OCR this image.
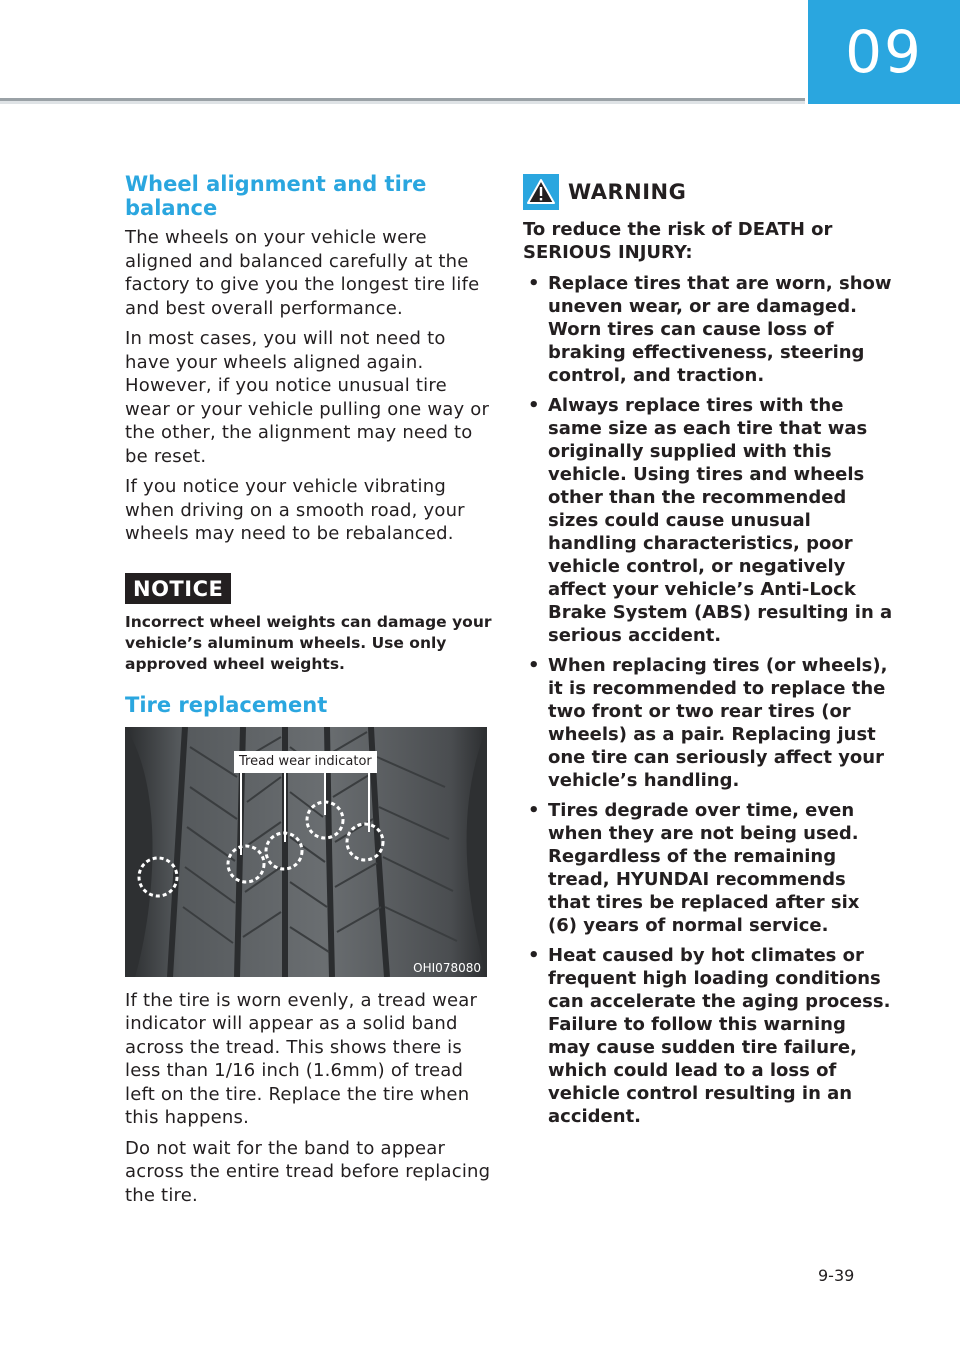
09
Wheel alignment and tire balance

The wheels on your vehicle were aligned and balanced carefully at the factory to give you the longest tire life and best overall performance.

In most cases, you will not need to have your wheels aligned again. However, if you notice unusual tire wear or your vehicle pulling one way or the other, the alignment may need to be reset.

If you notice your vehicle vibrating when driving on a smooth road, your wheels may need to be rebalanced.

NOTICE

Incorrect wheel weights can damage your vehicle’s aluminum wheels. Use only approved wheel weights.

Tire replacement
Tread wear indicator
OHI078080

If the tire is worn evenly, a tread wear indicator will appear as a solid band across the tread. This shows there is less than 1/16 inch (1.6mm) of tread left on the tire. Replace the tire when this happens.

Do not wait for the band to appear across the entire tread before replacing the tire.

WARNING

To reduce the risk of DEATH or SERIOUS INJURY:

• Replace tires that are worn, show uneven wear, or are damaged. Worn tires can cause loss of braking effectiveness, steering control, and traction.
• Always replace tires with the same size as each tire that was originally supplied with this vehicle. Using tires and wheels other than the recommended sizes could cause unusual handling characteristics, poor vehicle control, or negatively affect your vehicle’s Anti-Lock Brake System (ABS) resulting in a serious accident.
• When replacing tires (or wheels), it is recommended to replace the two front or two rear tires (or wheels) as a pair. Replacing just one tire can seriously affect your vehicle’s handling.
• Tires degrade over time, even when they are not being used. Regardless of the remaining tread, HYUNDAI recommends that tires be replaced after six (6) years of normal service.
• Heat caused by hot climates or frequent high loading conditions can accelerate the aging process. Failure to follow this warning may cause sudden tire failure, which could lead to a loss of vehicle control resulting in an accident.
9-39
